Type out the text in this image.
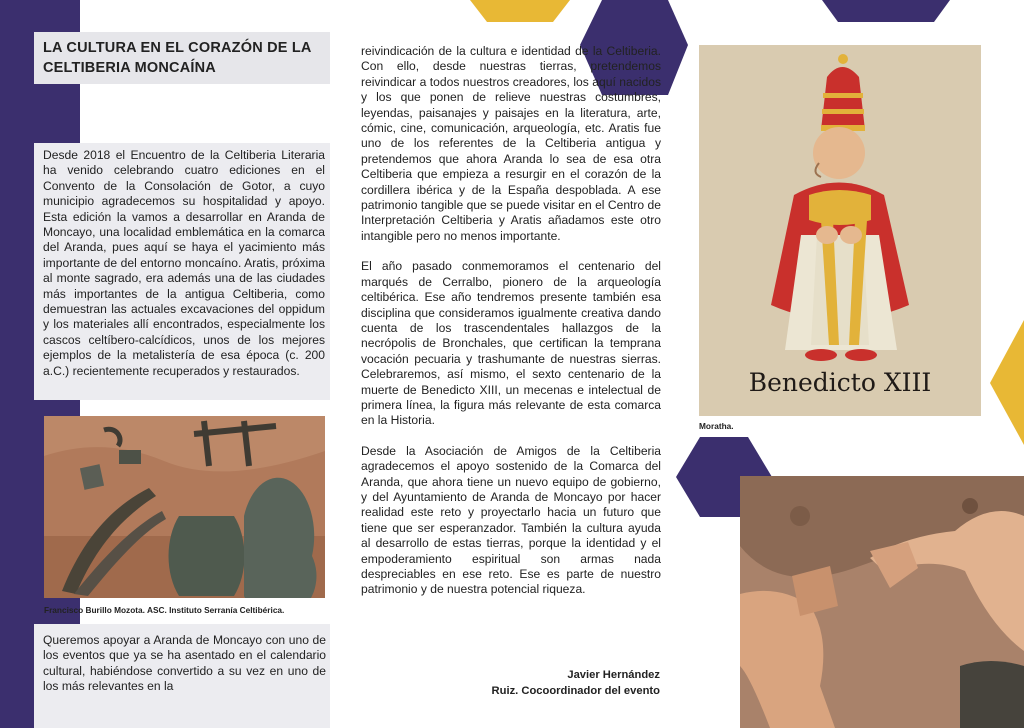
LA CULTURA EN EL CORAZÓN DE LA CELTIBERIA MONCAÍNA
Desde 2018 el Encuentro de la Celtiberia Literaria ha venido celebrando cuatro ediciones en el Convento de la Consolación de Gotor, a cuyo municipio agradecemos su hospitalidad y apoyo. Esta edición la vamos a desarrollar en Aranda de Moncayo, una localidad emblemática en la comarca del Aranda, pues aquí se haya el yacimiento más importante de del entorno moncaíno. Aratis, próxima al monte sagrado, era además una de las ciudades más importantes de la antigua Celtiberia, como demuestran las actuales excavaciones del oppidum y los materiales allí encontrados, especialmente los cascos celtíbero-calcídicos, unos de los mejores ejemplos de la metalistería de esa época (c. 200 a.C.) recientemente recuperados y restaurados.
Francisco Burillo Mozota. ASC. Instituto Serranía Celtibérica.
Queremos apoyar a Aranda de Moncayo con uno de los eventos que ya se ha asentado en el calendario cultural, habiéndose convertido a su vez en uno de los más relevantes en la

reivindicación de la cultura e identidad de la Celtiberia. Con ello, desde nuestras tierras, pretendemos reivindicar a todos nuestros creadores, los aquí nacidos y los que ponen de relieve nuestras costumbres, leyendas, paisanajes y paisajes en la literatura, arte, cómic, cine, comunicación, arqueología, etc. Aratis fue uno de los referentes de la Celtiberia antigua y pretendemos que ahora Aranda lo sea de esa otra Celtiberia que empieza a resurgir en el corazón de la cordillera ibérica y de la España despoblada. A ese patrimonio tangible que se puede visitar en el Centro de Interpretación Celtiberia y Aratis añadamos este otro intangible pero no menos importante.

El año pasado conmemoramos el centenario del marqués de Cerralbo, pionero de la arqueología celtibérica. Ese año tendremos presente también esa disciplina que consideramos igualmente creativa dando cuenta de los trascendentales hallazgos de la necrópolis de Bronchales, que certifican la temprana vocación pecuaria y trashumante de nuestras sierras. Celebraremos, así mismo, el sexto centenario de la muerte de Benedicto XIII, un mecenas e intelectual de primera línea, la figura más relevante de esta comarca en la Historia.

Desde la Asociación de Amigos de la Celtiberia agradecemos el apoyo sostenido de la Comarca del Aranda, que ahora tiene un nuevo equipo de gobierno, y del Ayuntamiento de Aranda de Moncayo por hacer realidad este reto y proyectarlo hacia un futuro que tiene que ser esperanzador. También la cultura ayuda al desarrollo de estas tierras, porque la identidad y el empoderamiento espiritual son armas nada despreciables en ese reto. Ese es parte de nuestro patrimonio y de nuestra potencial riqueza.

Javier Hernández
Ruiz. Cocoordinador del evento
Benedicto XIII
Moratha.
